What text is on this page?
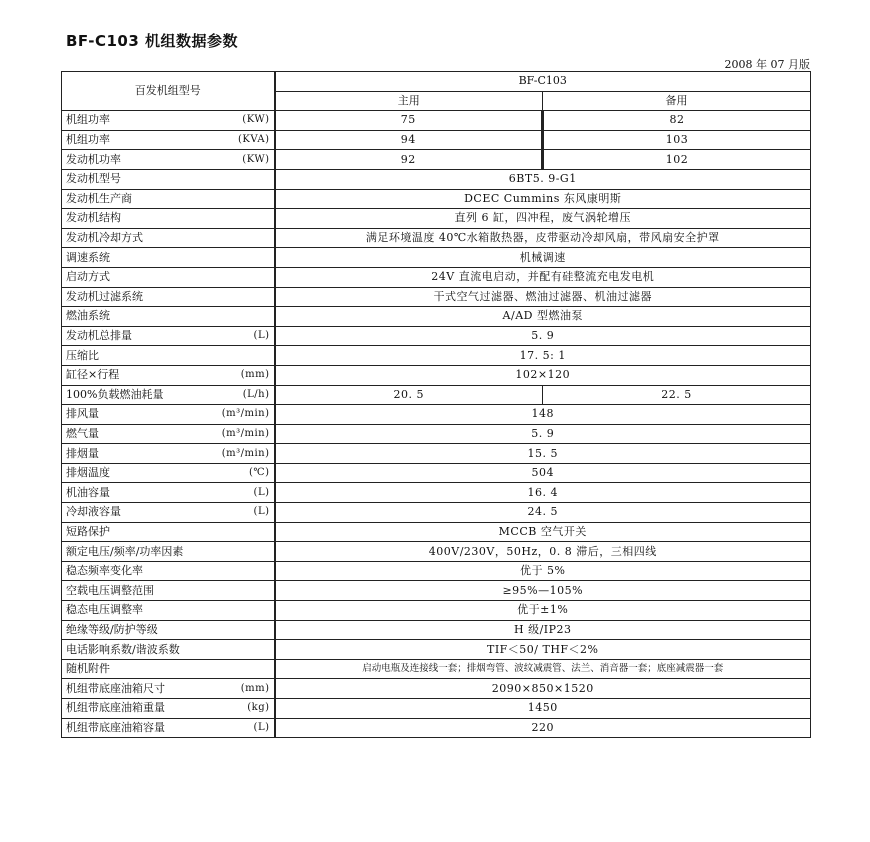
BF-C103 机组数据参数
2008 年 07 月版
百发机组型号	BF-C103	
	主用	备用

机组功率 (KW)	75	82

机组功率 (KVA)	94	103

发动机功率 (KW)	92	102

发动机型号	6BT5. 9-G1	

发动机生产商	DCEC Cummins 东风康明斯	

发动机结构	直列 6 缸，四冲程，废气涡轮增压	

发动机冷却方式	满足环境温度 40℃水箱散热器，皮带驱动冷却风扇，带风扇安全护罩	

调速系统	机械调速	

启动方式	24V 直流电启动，并配有硅整流充电发电机	

发动机过滤系统	干式空气过滤器、燃油过滤器、机油过滤器	

燃油系统	A/AD 型燃油泵	

发动机总排量 (L)	5. 9	

压缩比	17. 5: 1	

缸径×行程 (mm)	102×120	

100%负载燃油耗量 (L/h)	20. 5	22. 5

排风量 (m³/min)	148	

燃气量 (m³/min)	5. 9	

排烟量 (m³/min)	15. 5	

排烟温度 (℃)	504	

机油容量 (L)	16. 4	

冷却液容量 (L)	24. 5	

短路保护	MCCB 空气开关	

额定电压/频率/功率因素	400V/230V，50Hz，0. 8 滞后，三相四线	

稳态频率变化率	优于 5%	

空载电压调整范围	≥95%—105%	

稳态电压调整率	优于±1%	

绝缘等级/防护等级	H 级/IP23	

电话影响系数/谐波系数	TIF＜50/ THF＜2%	

随机附件	启动电瓶及连接线一套；排烟弯管、波纹减震管、法兰、消音器一套；底座减震器一套	

机组带底座油箱尺寸 (mm)	2090×850×1520	

机组带底座油箱重量 (kg)	1450	

机组带底座油箱容量 (L)	220	
